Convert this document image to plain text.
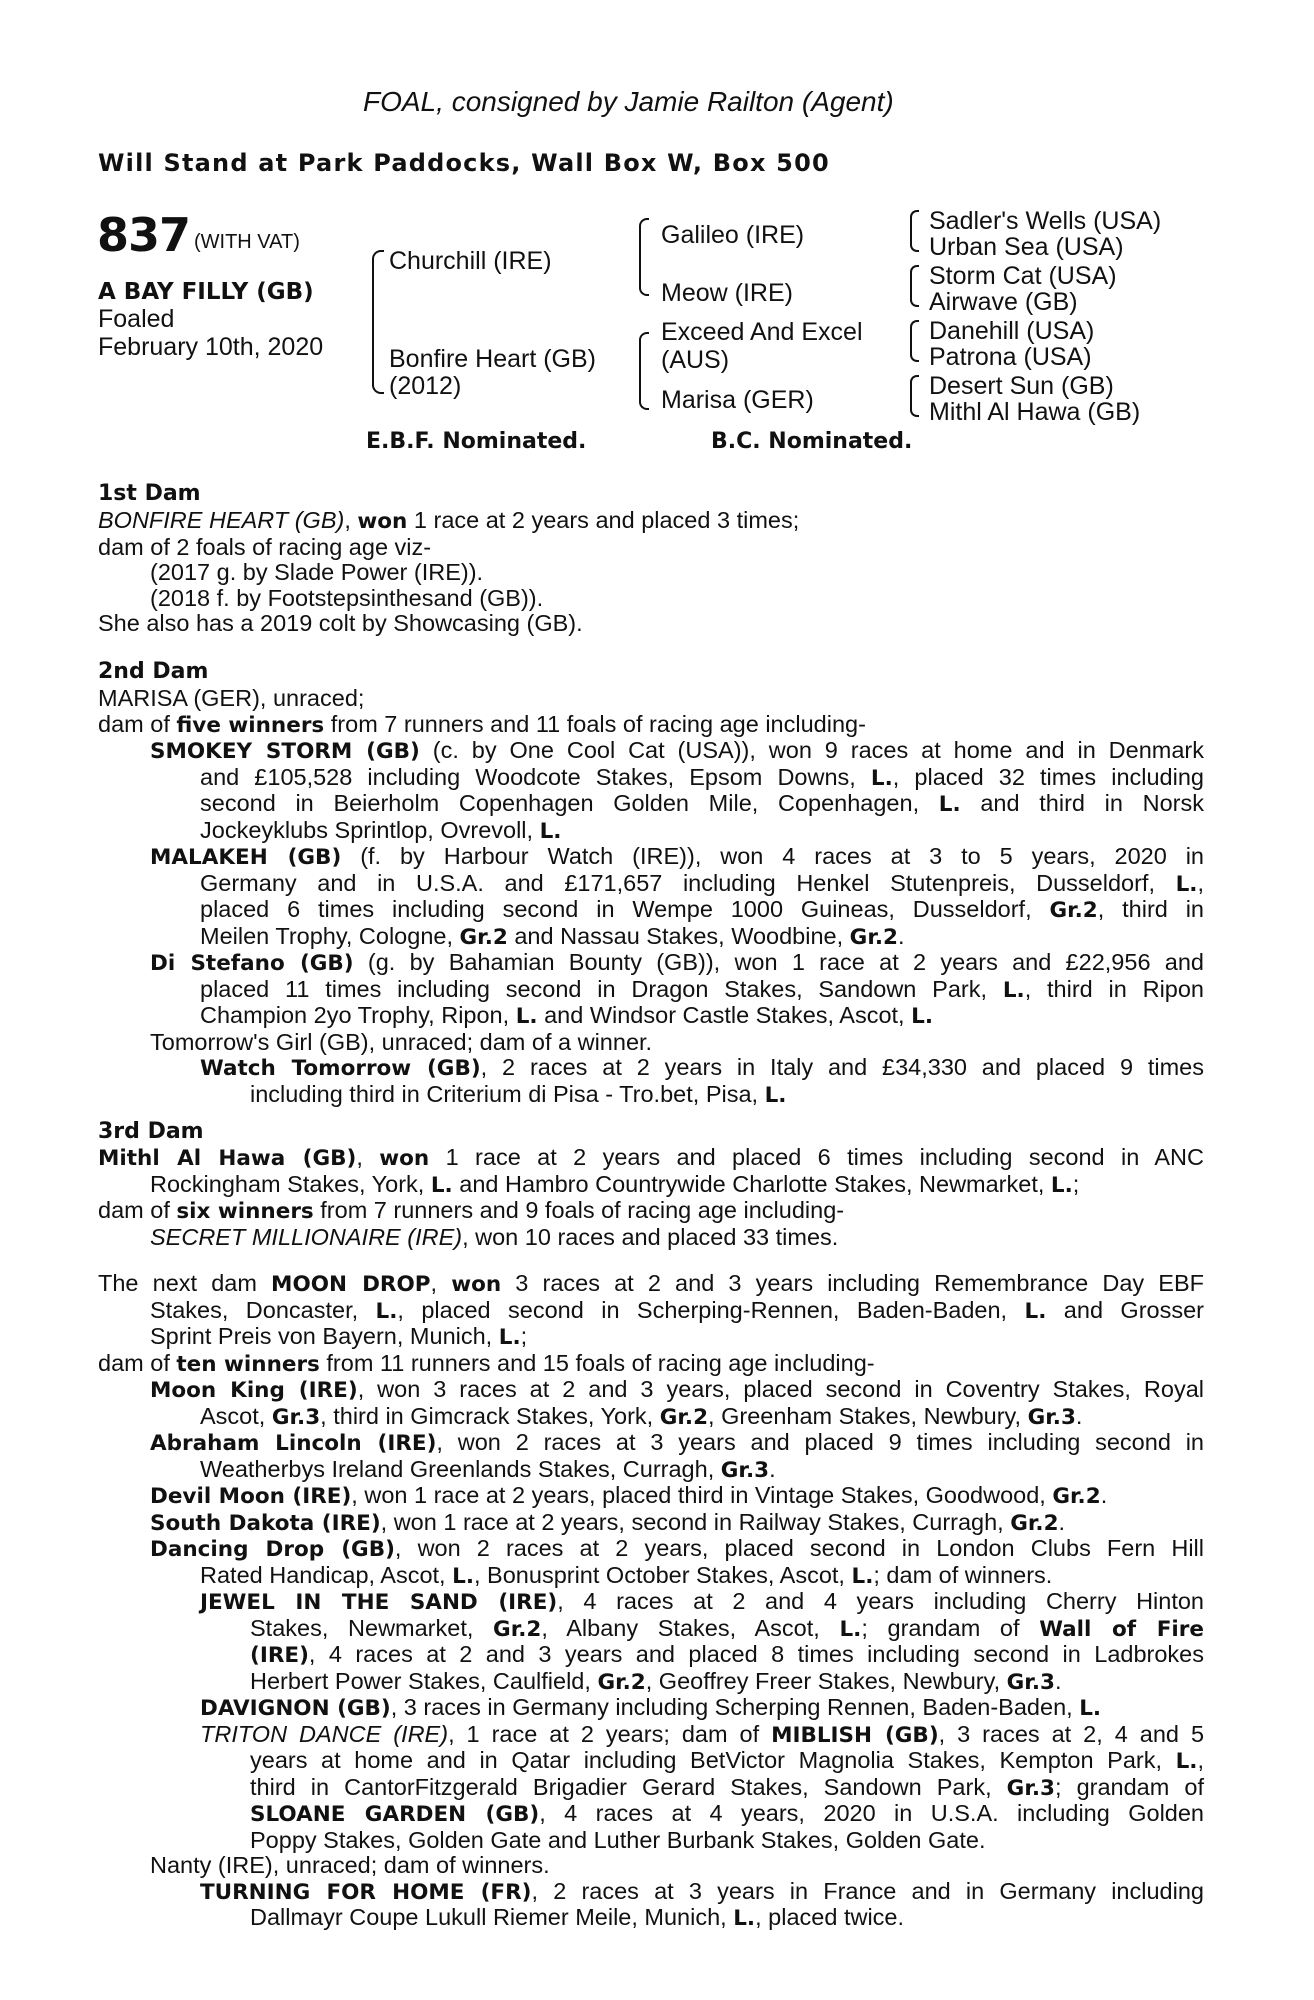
FOAL, consigned by Jamie Railton (Agent)
Will Stand at Park Paddocks, Wall Box W, Box 500
837 (WITH VAT)
A BAY FILLY (GB)
Foaled
February 10th, 2020
Churchill (IRE)
Bonfire Heart (GB)
(2012)
Galileo (IRE)
Meow (IRE)
Exceed And Excel
(AUS)
Marisa (GER)
Sadler's Wells (USA)
Urban Sea (USA)
Storm Cat (USA)
Airwave (GB)
Danehill (USA)
Patrona (USA)
Desert Sun (GB)
Mithl Al Hawa (GB)
E.B.F. Nominated.	B.C. Nominated.
1st Dam
BONFIRE HEART (GB), won 1 race at 2 years and placed 3 times;
dam of 2 foals of racing age viz-
(2017 g. by Slade Power (IRE)).
(2018 f. by Footstepsinthesand (GB)).
She also has a 2019 colt by Showcasing (GB).
2nd Dam
MARISA (GER), unraced;
dam of five winners from 7 runners and 11 foals of racing age including-
SMOKEY STORM (GB) (c. by One Cool Cat (USA)), won 9 races at home and in Denmark
and £105,528 including Woodcote Stakes, Epsom Downs, L., placed 32 times including
second in Beierholm Copenhagen Golden Mile, Copenhagen, L. and third in Norsk
Jockeyklubs Sprintlop, Ovrevoll, L.
MALAKEH (GB) (f. by Harbour Watch (IRE)), won 4 races at 3 to 5 years, 2020 in
Germany and in U.S.A. and £171,657 including Henkel Stutenpreis, Dusseldorf, L.,
placed 6 times including second in Wempe 1000 Guineas, Dusseldorf, Gr.2, third in
Meilen Trophy, Cologne, Gr.2 and Nassau Stakes, Woodbine, Gr.2.
Di Stefano (GB) (g. by Bahamian Bounty (GB)), won 1 race at 2 years and £22,956 and
placed 11 times including second in Dragon Stakes, Sandown Park, L., third in Ripon
Champion 2yo Trophy, Ripon, L. and Windsor Castle Stakes, Ascot, L.
Tomorrow's Girl (GB), unraced; dam of a winner.
Watch Tomorrow (GB), 2 races at 2 years in Italy and £34,330 and placed 9 times
including third in Criterium di Pisa - Tro.bet, Pisa, L.
3rd Dam
Mithl Al Hawa (GB), won 1 race at 2 years and placed 6 times including second in ANC
Rockingham Stakes, York, L. and Hambro Countrywide Charlotte Stakes, Newmarket, L.;
dam of six winners from 7 runners and 9 foals of racing age including-
SECRET MILLIONAIRE (IRE), won 10 races and placed 33 times.
The next dam MOON DROP, won 3 races at 2 and 3 years including Remembrance Day EBF
Stakes, Doncaster, L., placed second in Scherping-Rennen, Baden-Baden, L. and Grosser
Sprint Preis von Bayern, Munich, L.;
dam of ten winners from 11 runners and 15 foals of racing age including-
Moon King (IRE), won 3 races at 2 and 3 years, placed second in Coventry Stakes, Royal
Ascot, Gr.3, third in Gimcrack Stakes, York, Gr.2, Greenham Stakes, Newbury, Gr.3.
Abraham Lincoln (IRE), won 2 races at 3 years and placed 9 times including second in
Weatherbys Ireland Greenlands Stakes, Curragh, Gr.3.
Devil Moon (IRE), won 1 race at 2 years, placed third in Vintage Stakes, Goodwood, Gr.2.
South Dakota (IRE), won 1 race at 2 years, second in Railway Stakes, Curragh, Gr.2.
Dancing Drop (GB), won 2 races at 2 years, placed second in London Clubs Fern Hill
Rated Handicap, Ascot, L., Bonusprint October Stakes, Ascot, L.; dam of winners.
JEWEL IN THE SAND (IRE), 4 races at 2 and 4 years including Cherry Hinton
Stakes, Newmarket, Gr.2, Albany Stakes, Ascot, L.; grandam of Wall of Fire
(IRE), 4 races at 2 and 3 years and placed 8 times including second in Ladbrokes
Herbert Power Stakes, Caulfield, Gr.2, Geoffrey Freer Stakes, Newbury, Gr.3.
DAVIGNON (GB), 3 races in Germany including Scherping Rennen, Baden-Baden, L.
TRITON DANCE (IRE), 1 race at 2 years; dam of MIBLISH (GB), 3 races at 2, 4 and 5
years at home and in Qatar including BetVictor Magnolia Stakes, Kempton Park, L.,
third in CantorFitzgerald Brigadier Gerard Stakes, Sandown Park, Gr.3; grandam of
SLOANE GARDEN (GB), 4 races at 4 years, 2020 in U.S.A. including Golden
Poppy Stakes, Golden Gate and Luther Burbank Stakes, Golden Gate.
Nanty (IRE), unraced; dam of winners.
TURNING FOR HOME (FR), 2 races at 3 years in France and in Germany including
Dallmayr Coupe Lukull Riemer Meile, Munich, L., placed twice.
